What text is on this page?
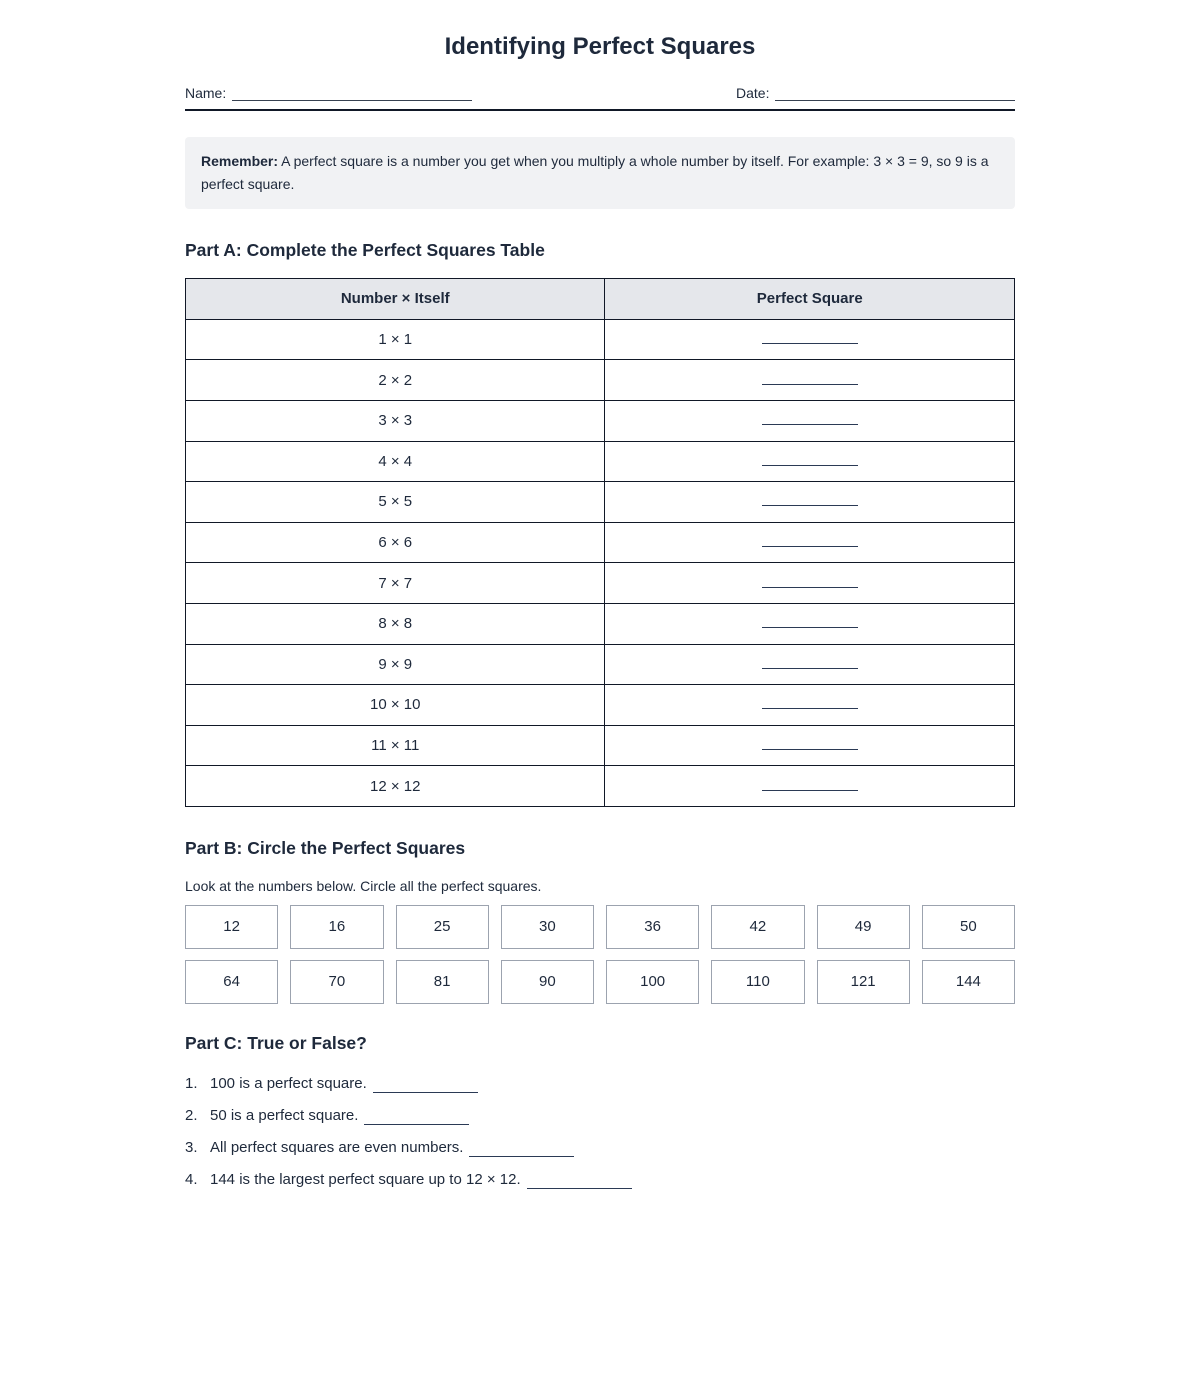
Identifying Perfect Squares
Name:	Date:
Remember: A perfect square is a number you get when you multiply a whole number by itself. For example: 3 × 3 = 9, so 9 is a perfect square.
Part A: Complete the Perfect Squares Table
Number × Itself	Perfect Square
1 × 1	
2 × 2	
3 × 3	
4 × 4	
5 × 5	
6 × 6	
7 × 7	
8 × 8	
9 × 9	
10 × 10	
11 × 11	
12 × 12	
Part B: Circle the Perfect Squares

Look at the numbers below. Circle all the perfect squares.

12	16	25	30	36	42	49	50
64	70	81	90	100	110	121	144
Part C: True or False?
1. 100 is a perfect square.
2. 50 is a perfect square.
3. All perfect squares are even numbers.
4. 144 is the largest perfect square up to 12 × 12.
